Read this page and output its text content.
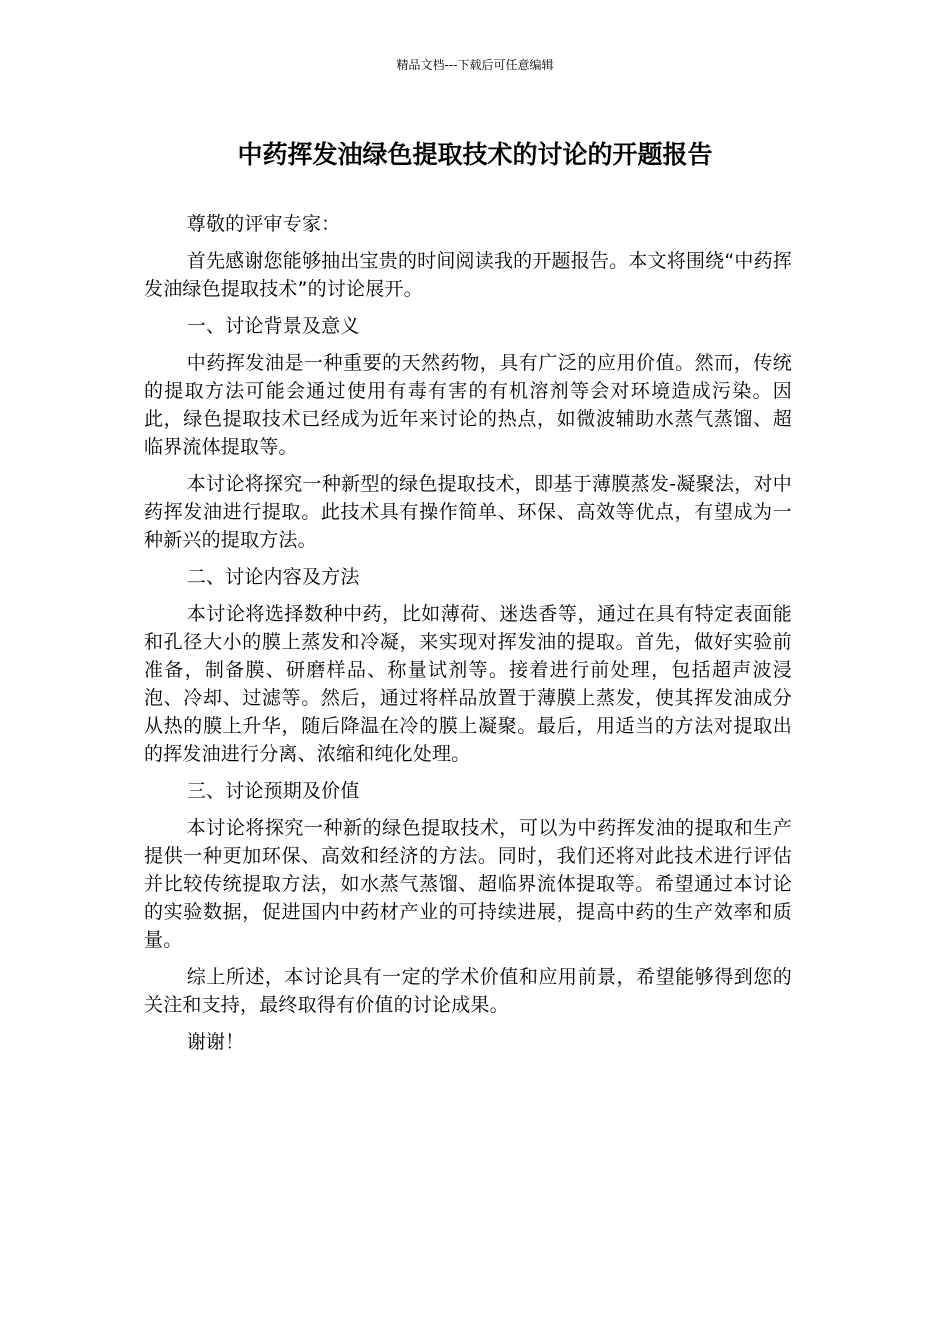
精品文档---下载后可任意编辑
中药挥发油绿色提取技术的讨论的开题报告

尊敬的评审专家：

首先感谢您能够抽出宝贵的时间阅读我的开题报告。本文将围绕“中药挥发油绿色提取技术”的讨论展开。

一、讨论背景及意义

中药挥发油是一种重要的天然药物，具有广泛的应用价值。然而，传统的提取方法可能会通过使用有毒有害的有机溶剂等会对环境造成污染。因此，绿色提取技术已经成为近年来讨论的热点，如微波辅助水蒸气蒸馏、超临界流体提取等。

本讨论将探究一种新型的绿色提取技术，即基于薄膜蒸发-凝聚法，对中药挥发油进行提取。此技术具有操作简单、环保、高效等优点，有望成为一种新兴的提取方法。

二、讨论内容及方法

本讨论将选择数种中药，比如薄荷、迷迭香等，通过在具有特定表面能和孔径大小的膜上蒸发和冷凝，来实现对挥发油的提取。首先，做好实验前准备，制备膜、研磨样品、称量试剂等。接着进行前处理，包括超声波浸泡、冷却、过滤等。然后，通过将样品放置于薄膜上蒸发，使其挥发油成分从热的膜上升华，随后降温在冷的膜上凝聚。最后，用适当的方法对提取出的挥发油进行分离、浓缩和纯化处理。

三、讨论预期及价值

本讨论将探究一种新的绿色提取技术，可以为中药挥发油的提取和生产提供一种更加环保、高效和经济的方法。同时，我们还将对此技术进行评估并比较传统提取方法，如水蒸气蒸馏、超临界流体提取等。希望通过本讨论的实验数据，促进国内中药材产业的可持续进展，提高中药的生产效率和质量。

综上所述，本讨论具有一定的学术价值和应用前景，希望能够得到您的关注和支持，最终取得有价值的讨论成果。

谢谢！
